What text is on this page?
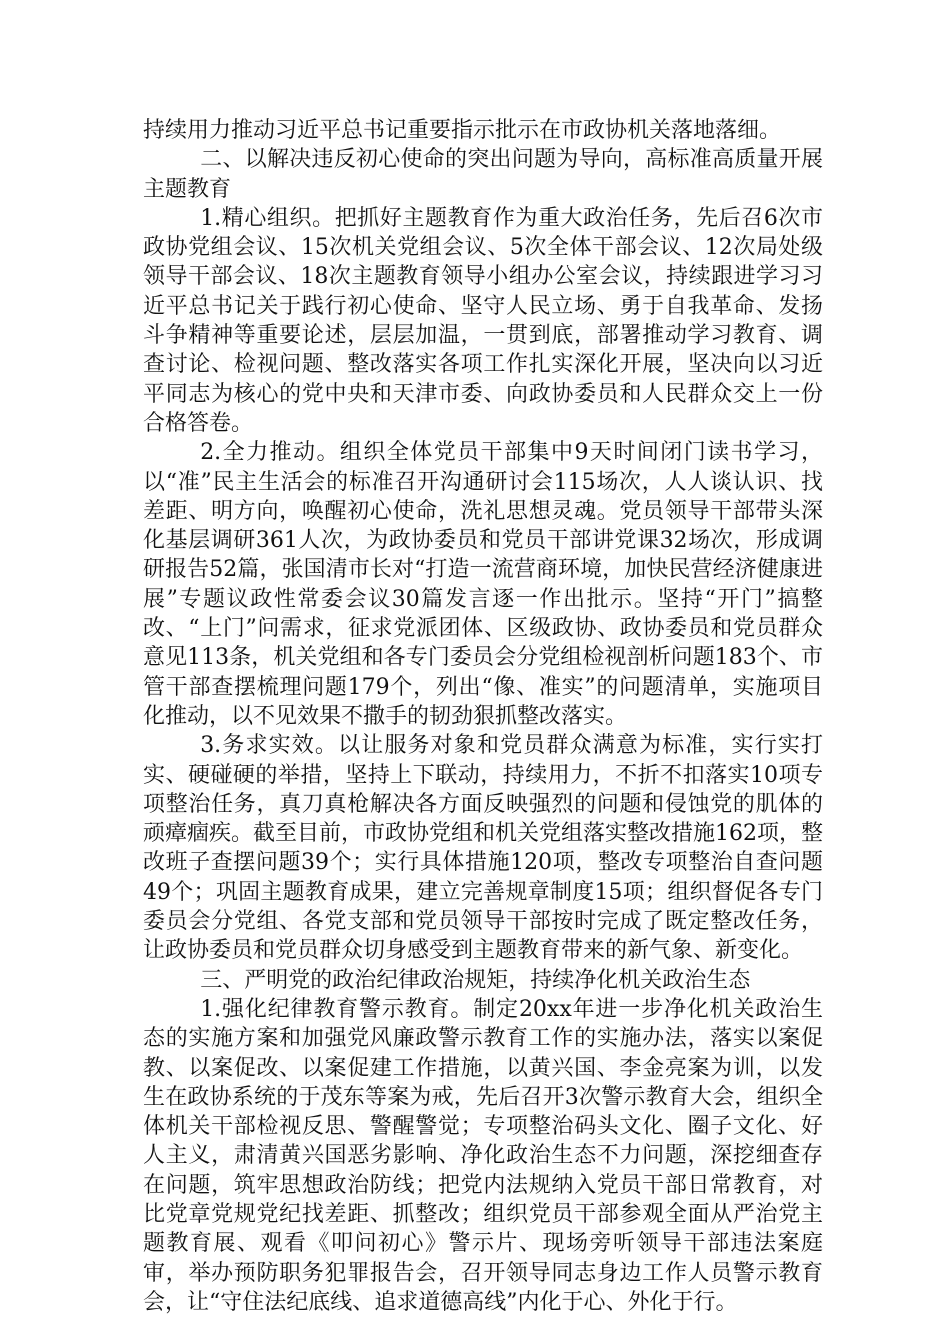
持续用力推动习近平总书记重要指示批示在市政协机关落地落细。

二、以解决违反初心使命的突出问题为导向，高标准高质量开展主题教育

1.精心组织。把抓好主题教育作为重大政治任务，先后召6次市政协党组会议、15次机关党组会议、5次全体干部会议、12次局处级领导干部会议、18次主题教育领导小组办公室会议，持续跟进学习习近平总书记关于践行初心使命、坚守人民立场、勇于自我革命、发扬斗争精神等重要论述，层层加温，一贯到底，部署推动学习教育、调查讨论、检视问题、整改落实各项工作扎实深化开展，坚决向以习近平同志为核心的党中央和天津市委、向政协委员和人民群众交上一份合格答卷。

2.全力推动。组织全体党员干部集中9天时间闭门读书学习，以“准”民主生活会的标准召开沟通研讨会115场次，人人谈认识、找差距、明方向，唤醒初心使命，洗礼思想灵魂。党员领导干部带头深化基层调研361人次，为政协委员和党员干部讲党课32场次，形成调研报告52篇，张国清市长对“打造一流营商环境，加快民营经济健康进展”专题议政性常委会议30篇发言逐一作出批示。坚持“开门”搞整改、“上门”问需求，征求党派团体、区级政协、政协委员和党员群众意见113条，机关党组和各专门委员会分党组检视剖析问题183个、市管干部查摆梳理问题179个，列出“像、准实”的问题清单，实施项目化推动，以不见效果不撒手的韧劲狠抓整改落实。

3.务求实效。以让服务对象和党员群众满意为标准，实行实打实、硬碰硬的举措，坚持上下联动，持续用力，不折不扣落实10项专项整治任务，真刀真枪解决各方面反映强烈的问题和侵蚀党的肌体的顽瘴痼疾。截至目前，市政协党组和机关党组落实整改措施162项，整改班子查摆问题39个；实行具体措施120项，整改专项整治自查问题49个；巩固主题教育成果，建立完善规章制度15项；组织督促各专门委员会分党组、各党支部和党员领导干部按时完成了既定整改任务，让政协委员和党员群众切身感受到主题教育带来的新气象、新变化。

三、严明党的政治纪律政治规矩，持续净化机关政治生态

1.强化纪律教育警示教育。制定20xx年进一步净化机关政治生态的实施方案和加强党风廉政警示教育工作的实施办法，落实以案促教、以案促改、以案促建工作措施，以黄兴国、李金亮案为训，以发生在政协系统的于茂东等案为戒，先后召开3次警示教育大会，组织全体机关干部检视反思、警醒警觉；专项整治码头文化、圈子文化、好人主义，肃清黄兴国恶劣影响、净化政治生态不力问题，深挖细查存在问题，筑牢思想政治防线；把党内法规纳入党员干部日常教育，对比党章党规党纪找差距、抓整改；组织党员干部参观全面从严治党主题教育展、观看《叩问初心》警示片、现场旁听领导干部违法案庭审，举办预防职务犯罪报告会，召开领导同志身边工作人员警示教育会，让“守住法纪底线、追求道德高线”内化于心、外化于行。
